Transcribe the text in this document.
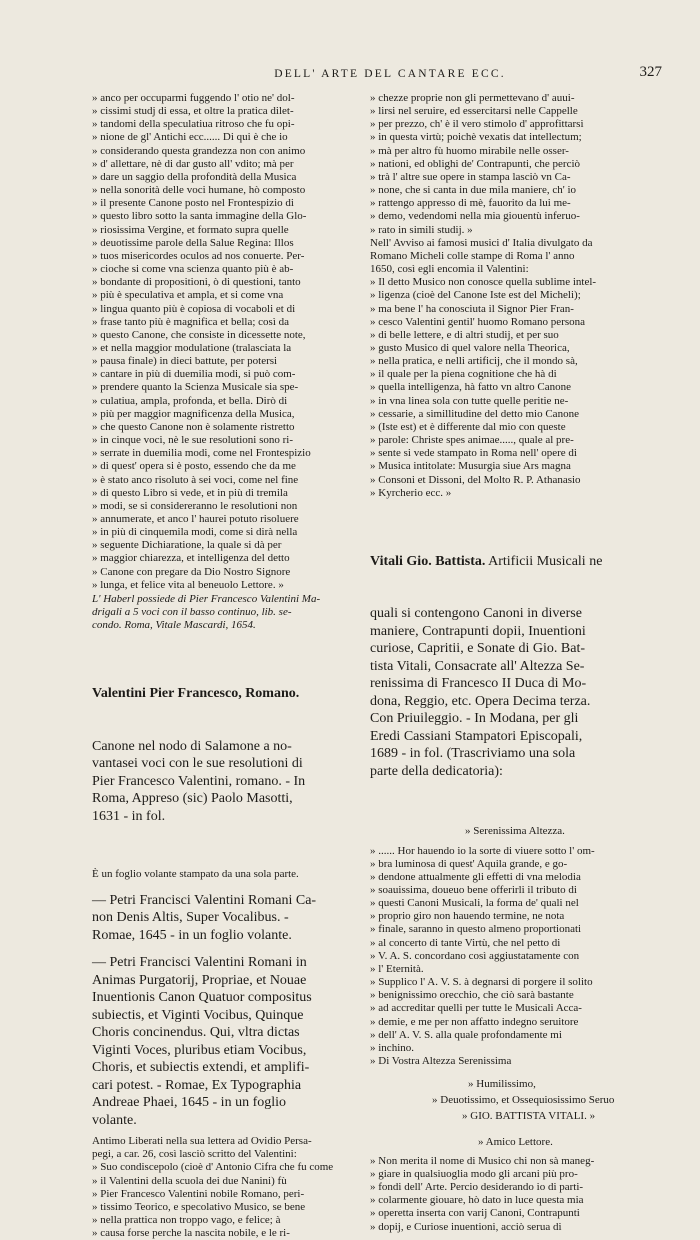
DELL' ARTE DEL CANTARE ECC.	327
» anco per occuparmi fuggendo l' otio ne' dol-
» cissimi studj di essa, et oltre la pratica dilet-
» tandomi della speculatiua ritroso che fu opi-
» nione de gl' Antichi ecc...... Di qui è che io
» considerando questa grandezza non con animo
» d' allettare, nè di dar gusto all' vdito; mà per
» dare un saggio della profondità della Musica
» nella sonorità delle voci humane, hò composto
» il presente Canone posto nel Frontespizio di
» questo libro sotto la santa immagine della Glo-
» riosissima Vergine, et formato supra quelle
» deuotissime parole della Salue Regina: Illos
» tuos misericordes oculos ad nos conuerte. Per-
» cioche si come vna scienza quanto più è ab-
» bondante di propositioni, ò di questioni, tanto
» più è speculativa et ampla, et si come vna
» lingua quanto più è copiosa di vocaboli et di
» frase tanto più è magnifica et bella; così da
» questo Canone, che consiste in dicessette note,
» et nella maggior modulatione (tralasciata la
» pausa finale) in dieci battute, per potersi
» cantare in più di duemilia modi, si può com-
» prendere quanto la Scienza Musicale sia spe-
» culatiua, ampla, profonda, et bella. Dirò di
» più per maggior magnificenza della Musica,
» che questo Canone non è solamente ristretto
» in cinque voci, nè le sue resolutioni sono ri-
» serrate in duemilia modi, come nel Frontespizio
» di quest' opera si è posto, essendo che da me
» è stato anco risoluto à sei voci, come nel fine
» di questo Libro si vede, et in più di tremila
» modi, se si considereranno le resolutioni non
» annumerate, et anco l' haurei potuto risoluere
» in più di cinquemila modi, come si dirà nella
» seguente Dichiaratione, la quale si dà per
» maggior chiarezza, et intelligenza del detto
» Canone con pregare da Dio Nostro Signore
» lunga, et felice vita al beneuolo Lettore. »
L' Haberl possiede di Pier Francesco Valentini Ma-
drigali a 5 voci con il basso continuo, lib. se-
condo. Roma, Vitale Mascardi, 1654.

Valentini Pier Francesco, Romano.

Canone nel nodo di Salamone a no-
vantasei voci con le sue resolutioni di
Pier Francesco Valentini, romano. - In
Roma, Appreso (sic) Paolo Masotti,
1631 - in fol.

È un foglio volante stampato da una sola parte.
— Petri Francisci Valentini Romani Ca-
non Denis Altis, Super Vocalibus. -
Romae, 1645 - in un foglio volante.
— Petri Francisci Valentini Romani in
Animas Purgatorij, Propriae, et Nouae
Inuentionis Canon Quatuor compositus
subiectis, et Viginti Vocibus, Quinque
Choris concinendus. Qui, vltra dictas
Viginti Voces, pluribus etiam Vocibus,
Choris, et subiectis extendi, et amplifi-
cari potest. - Romae, Ex Typographia
Andreae Phaei, 1645 - in un foglio
volante.
Antimo Liberati nella sua lettera ad Ovidio Persa-
pegi, a car. 26, così lasciò scritto del Valentini:
» Suo condiscepolo (cioè d' Antonio Cifra che fu come
» il Valentini della scuola dei due Nanini) fù
» Pier Francesco Valentini nobile Romano, peri-
» tissimo Teorico, e specolativo Musico, se bene
» nella prattica non troppo vago, e felice; à
» causa forse perche la nascita nobile, e le ri-
» chezze proprie non gli permettevano d' auui-
» lirsi nel seruire, ed essercitarsi nelle Cappelle
» per prezzo, ch' è il vero stimolo d' approfittarsi
» in questa virtù; poichè vexatis dat intellectum;
» mà per altro fù huomo mirabile nelle osser-
» nationi, ed oblighi de' Contrapunti, che perciò
» trà l' altre sue opere in stampa lasciò vn Ca-
» none, che si canta in due mila maniere, ch' io
» rattengo appresso di mè, fauorito da lui me-
» demo, vedendomi nella mia giouentù inferuo-
» rato in simili studij. »
Nell' Avviso ai famosi musici d' Italia divulgato da
Romano Micheli colle stampe di Roma l' anno
1650, così egli encomia il Valentini:
» Il detto Musico non conosce quella sublime intel-
» ligenza (cioè del Canone Iste est del Micheli);
» ma bene l' ha conosciuta il Signor Pier Fran-
» cesco Valentini gentil' huomo Romano persona
» di belle lettere, e di altri studij, et per suo
» gusto Musico di quel valore nella Theorica,
» nella pratica, e nelli artificij, che il mondo sà,
» il quale per la piena cognitione che hà di
» quella intelligenza, hà fatto vn altro Canone
» in vna linea sola con tutte quelle peritie ne-
» cessarie, a simillitudine del detto mio Canone
» (Iste est) et è differente dal mio con queste
» parole: Christe spes animae....., quale al pre-
» sente si vede stampato in Roma nell' opere di
» Musica intitolate: Musurgia siue Ars magna
» Consoni et Dissoni, del Molto R. P. Athanasio
» Kyrcherio ecc. »

Vitali Gio. Battista. Artificii Musicali ne

quali si contengono Canoni in diverse
maniere, Contrapunti dopii, Inuentioni
curiose, Capritii, e Sonate di Gio. Bat-
tista Vitali, Consacrate all' Altezza Se-
renissima di Francesco II Duca di Mo-
dona, Reggio, etc. Opera Decima terza.
Con Priuileggio. - In Modana, per gli
Eredi Cassiani Stampatori Episcopali,
1689 - in fol. (Trascriviamo una sola
parte della dedicatoria):

» Serenissima Altezza.
» ...... Hor hauendo io la sorte di viuere sotto l' om-
» bra luminosa di quest' Aquila grande, e go-
» dendone attualmente gli effetti di vna melodia
» soauissima, doueuo bene offerirli il tributo di
» questi Canoni Musicali, la forma de' quali nel
» proprio giro non hauendo termine, ne nota
» finale, saranno in questo almeno proportionati
» al concerto di tante Virtù, che nel petto di
» V. A. S. concordano così aggiustatamente con
» l' Eternità.
» Supplico l' A. V. S. à degnarsi di porgere il solito
» benignissimo orecchio, che ciò sarà bastante
» ad accreditar quelli per tutte le Musicali Acca-
» demie, e me per non affatto indegno seruitore
» dell' A. V. S. alla quale profondamente mi
» inchino.
» Di Vostra Altezza Serenissima
» Humilissimo,
» Deuotissimo, et Ossequiosissimo Seruo
» GIO. BATTISTA VITALI. »
» Amico Lettore.
» Non merita il nome di Musico chi non sà maneg-
» giare in qualsiuoglia modo gli arcani più pro-
» fondi dell' Arte. Percio desiderando io di parti-
» colarmente giouare, hò dato in luce questa mia
» operetta inserta con varij Canoni, Contrapunti
» dopij, e Curiose inuentioni, acciò serua di
